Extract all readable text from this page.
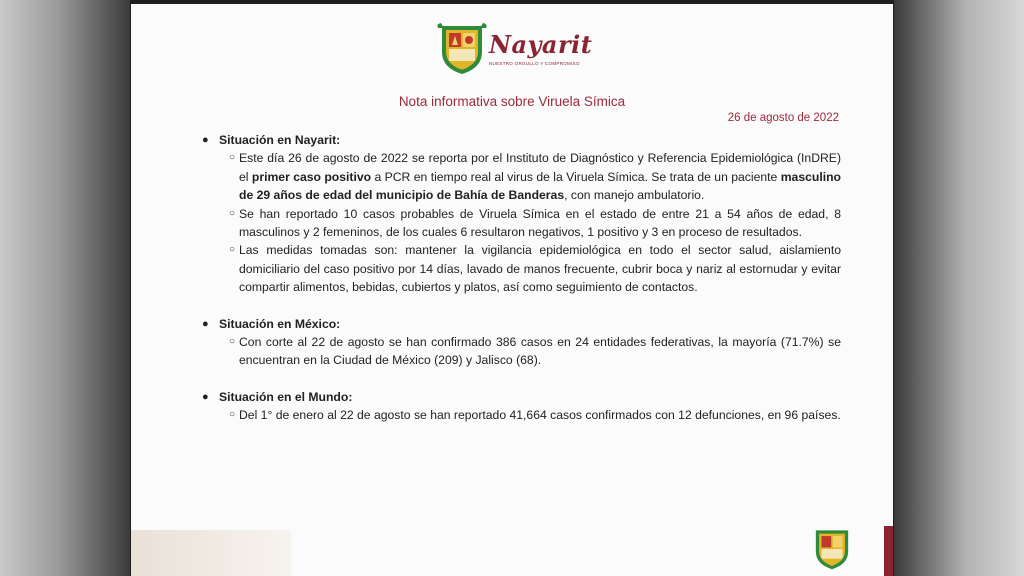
Nayarit
NUESTRO ORGULLO Y COMPROMISO
Nota informativa sobre Viruela Símica
26 de agosto de 2022
● Situación en Nayarit:
○ Este día 26 de agosto de 2022 se reporta por el Instituto de Diagnóstico y Referencia Epidemiológica (InDRE) el primer caso positivo a PCR en tiempo real al virus de la Viruela Símica. Se trata de un paciente masculino de 29 años de edad del municipio de Bahía de Banderas, con manejo ambulatorio.
○ Se han reportado 10 casos probables de Viruela Símica en el estado de entre 21 a 54 años de edad, 8 masculinos y 2 femeninos, de los cuales 6 resultaron negativos, 1 positivo y 3 en proceso de resultados.
○ Las medidas tomadas son: mantener la vigilancia epidemiológica en todo el sector salud, aislamiento domiciliario del caso positivo por 14 días, lavado de manos frecuente, cubrir boca y nariz al estornudar y evitar compartir alimentos, bebidas, cubiertos y platos, así como seguimiento de contactos.
● Situación en México:
○ Con corte al 22 de agosto se han confirmado 386 casos en 24 entidades federativas, la mayoría (71.7%) se encuentran en la Ciudad de México (209) y Jalisco (68).
● Situación en el Mundo:
○ Del 1° de enero al 22 de agosto se han reportado 41,664 casos confirmados con 12 defunciones, en 96 países.
